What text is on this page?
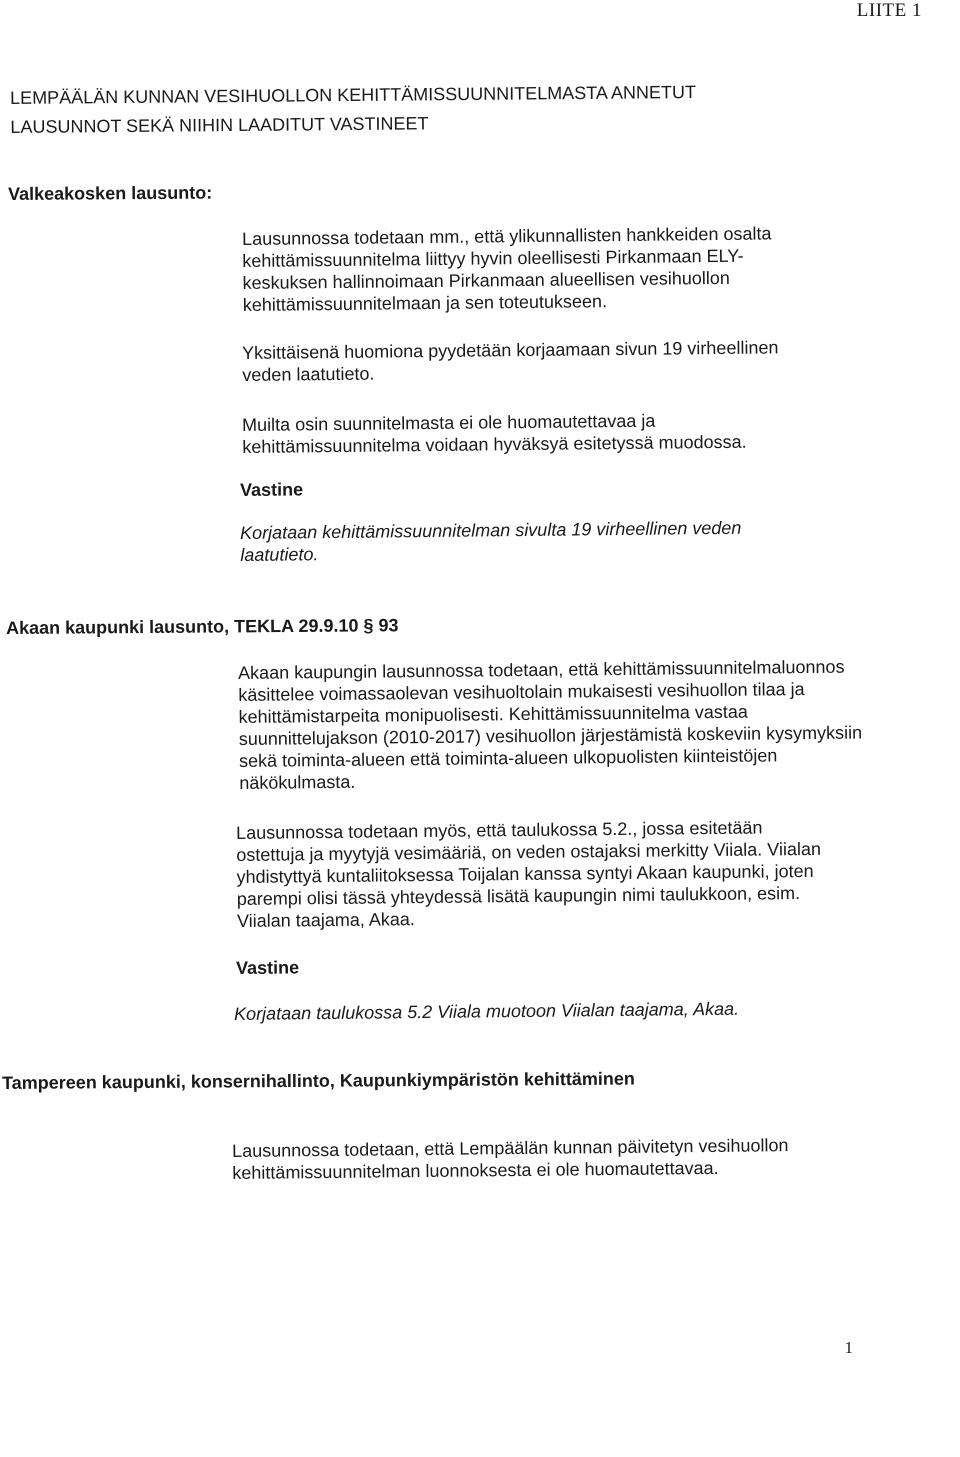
LIITE 1
LEMPÄÄLÄN KUNNAN VESIHUOLLON KEHITTÄMISSUUNNITELMASTA ANNETUT LAUSUNNOT SEKÄ NIIHIN LAADITUT VASTINEET
Valkeakosken lausunto:

Lausunnossa todetaan mm., että ylikunnallisten hankkeiden osalta kehittämissuunnitelma liittyy hyvin oleellisesti Pirkanmaan ELY-keskuksen hallinnoimaan Pirkanmaan alueellisen vesihuollon kehittämissuunnitelmaan ja sen toteutukseen.

Yksittäisenä huomiona pyydetään korjaamaan sivun 19 virheellinen veden laatutieto.

Muilta osin suunnitelmasta ei ole huomautettavaa ja kehittämissuunnitelma voidaan hyväksyä esitetyssä muodossa.

Vastine

Korjataan kehittämissuunnitelman sivulta 19 virheellinen veden laatutieto.

Akaan kaupunki lausunto, TEKLA 29.9.10 § 93

Akaan kaupungin lausunnossa todetaan, että kehittämissuunnitelmaluonnos käsittelee voimassaolevan vesihuoltolain mukaisesti vesihuollon tilaa ja kehittämistarpeita monipuolisesti. Kehittämissuunnitelma vastaa suunnittelujakson (2010-2017) vesihuollon järjestämistä koskeviin kysymyksiin sekä toiminta-alueen että toiminta-alueen ulkopuolisten kiinteistöjen näkökulmasta.

Lausunnossa todetaan myös, että taulukossa 5.2., jossa esitetään ostettuja ja myytyjä vesimääriä, on veden ostajaksi merkitty Viiala. Viialan yhdistyttyä kuntaliitoksessa Toijalan kanssa syntyi Akaan kaupunki, joten parempi olisi tässä yhteydessä lisätä kaupungin nimi taulukkoon, esim. Viialan taajama, Akaa.

Vastine

Korjataan taulukossa 5.2 Viiala muotoon Viialan taajama, Akaa.

Tampereen kaupunki, konsernihallinto, Kaupunkiympäristön kehittäminen

Lausunnossa todetaan, että Lempäälän kunnan päivitetyn vesihuollon kehittämissuunnitelman luonnoksesta ei ole huomautettavaa.

1
